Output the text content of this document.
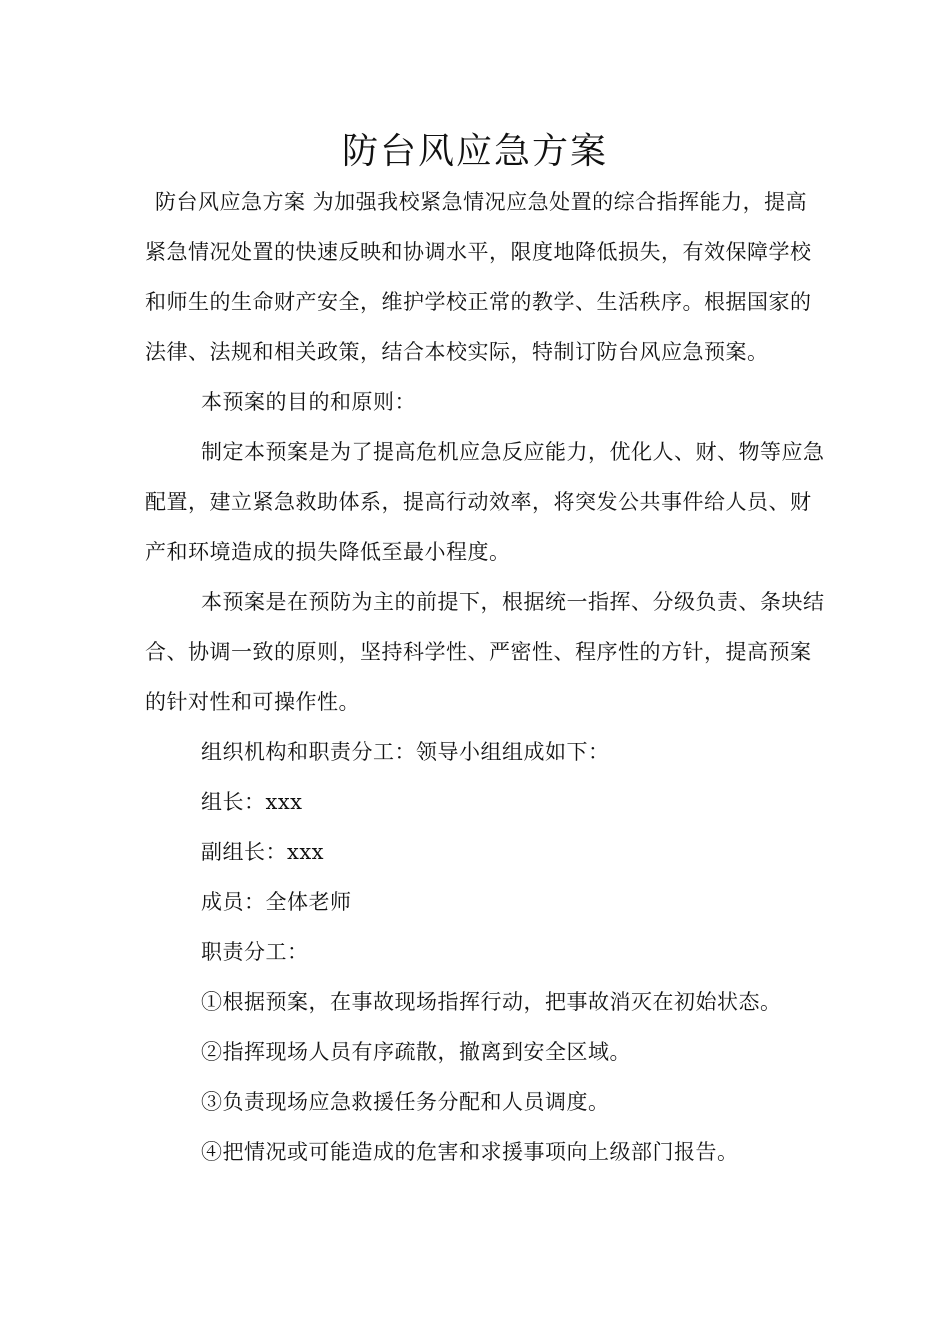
防台风应急方案

防台风应急方案 为加强我校紧急情况应急处置的综合指挥能力，提高紧急情况处置的快速反映和协调水平，限度地降低损失，有效保障学校和师生的生命财产安全，维护学校正常的教学、生活秩序。根据国家的法律、法规和相关政策，结合本校实际，特制订防台风应急预案。

本预案的目的和原则：

制定本预案是为了提高危机应急反应能力，优化人、财、物等应急配置，建立紧急救助体系，提高行动效率，将突发公共事件给人员、财产和环境造成的损失降低至最小程度。

本预案是在预防为主的前提下，根据统一指挥、分级负责、条块结合、协调一致的原则，坚持科学性、严密性、程序性的方针，提高预案的针对性和可操作性。

组织机构和职责分工：领导小组组成如下：

组长：xxx

副组长：xxx

成员：全体老师

职责分工：

①根据预案，在事故现场指挥行动，把事故消灭在初始状态。

②指挥现场人员有序疏散，撤离到安全区域。

③负责现场应急救援任务分配和人员调度。

④把情况或可能造成的危害和求援事项向上级部门报告。
